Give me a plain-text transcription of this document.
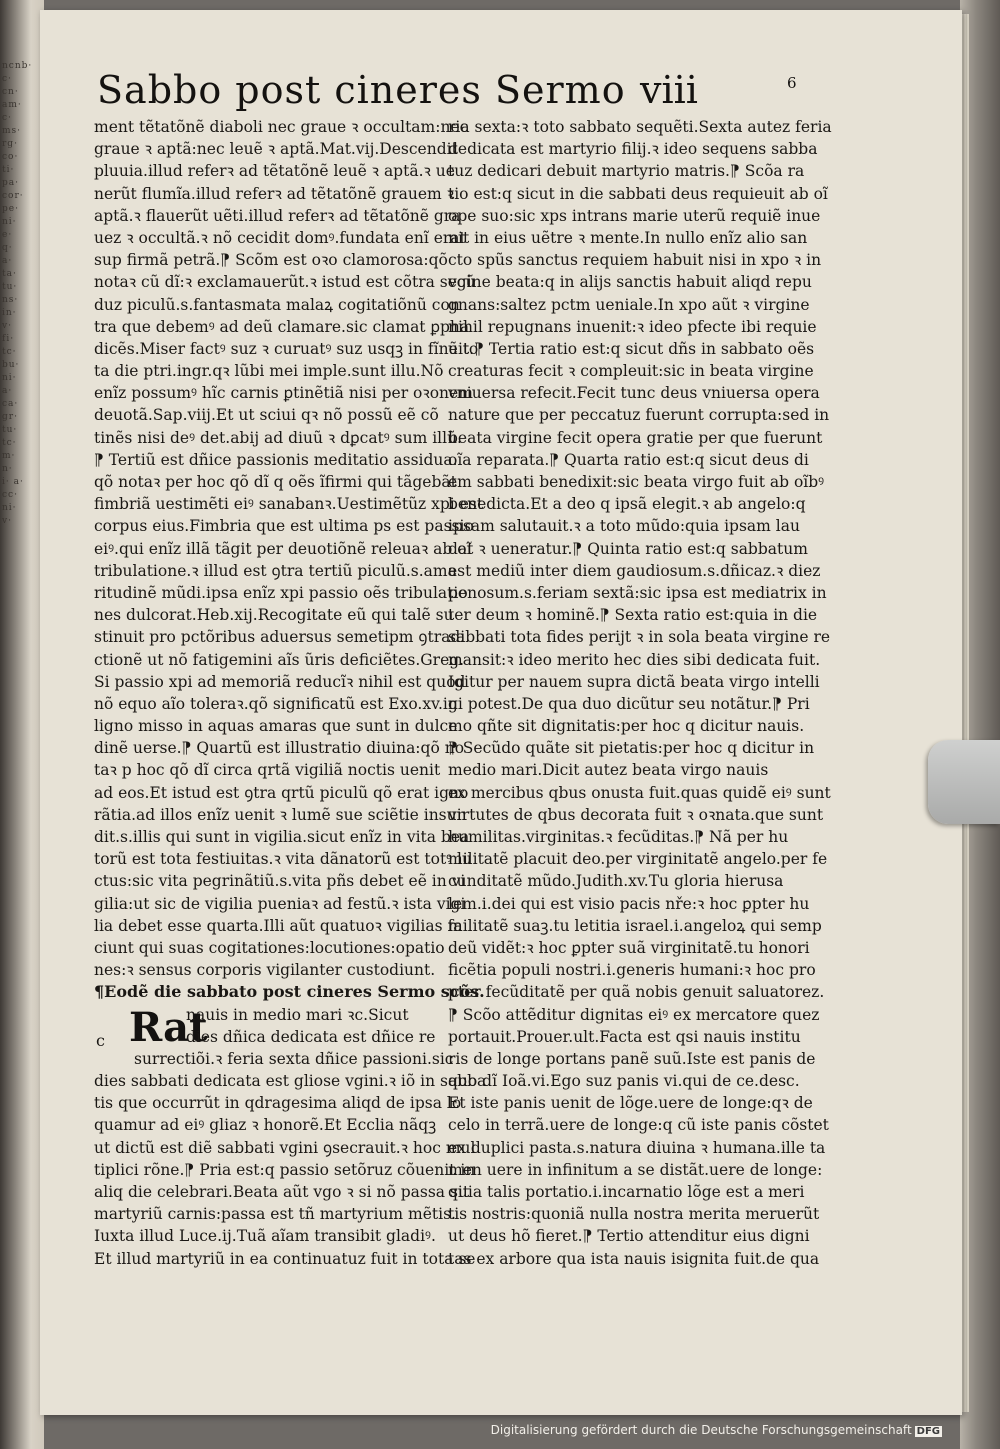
ncnb· c· cn· am· c· ms· rg· co· ti· pa· cor· pe· ni· e· q· a· ta· tu· ns· in· v· fi· tc· bu· ni· a· ca· gr· tu· tc· m· n· i· a· cc· ni· v·
Sabbo post cineres Sermo viii	6
ment tẽtatõnẽ diaboli nec graue ꝛ occultam:nec
graue ꝛ aptã:nec leuẽ ꝛ aptã.Mat.vij.Descendit
pluuia.illud referꝛ ad tẽtatõnẽ leuẽ ꝛ aptã.ꝛ ue
nerũt flumĩa.illud referꝛ ad tẽtatõnẽ grauem ꝛ
aptã.ꝛ flauerũt uẽti.illud referꝛ ad tẽtatõnẽ gra
uez ꝛ occultã.ꝛ nõ cecidit domꝰ.fundata enĩ erat
sup firmã petrã.⁋ Scõm est oꝛo clamorosa:qõ
notaꝛ cũ dĩ:ꝛ exclamauerũt.ꝛ istud est cõtra secũ
duz piculũ.s.fantasmata malaꝝ cogitatiõnũ con
tra que debemꝰ ad deũ clamare.sic clamat ꝑpha
dicẽs.Miser factꝰ suz ꝛ curuatꝰ suz usqꝫ in fĩnẽ to
ta die ptri.ingr.qꝛ lũbi mei imple.sunt illu.Nõ
enĩz possumꝰ hĩc carnis ꝑtinẽtiã nisi per oꝛonem
deuotã.Sap.viij.Et ut sciui qꝛ nõ possũ eẽ cõ
tinẽs nisi deꝰ det.abij ad diuũ ꝛ dꝑcatꝰ sum illũ.
⁋ Tertiũ est dñice passionis meditatio assidua.
qõ notaꝛ per hoc qõ dĩ q oẽs ĩfirmi qui tãgebãt
fimbriã uestimẽti eiꝰ sanabanꝛ.Uestimẽtũz xpi est
corpus eius.Fimbria que est ultima ps est passio
eiꝰ.qui enĩz illã tãgit per deuotiõnẽ releuaꝛ ab oĩ
tribulatione.ꝛ illud est ꝯtra tertiũ piculũ.s.ama
ritudinẽ mũdi.ipsa enĩz xpi passio oẽs tribulatio
nes dulcorat.Heb.xij.Recogitate eũ qui talẽ su
stinuit pro pctõribus aduersus semetipm ꝯtradi
ctionẽ ut nõ fatigemini aĩs ũris deficiẽtes.Greg.
Si passio xpi ad memoriã reducĩꝛ nihil est quod
nõ equo aĩo toleraꝛ.qõ significatũ est Exo.xv.in
ligno misso in aquas amaras que sunt in dulce
dinẽ uerse.⁋ Quartũ est illustratio diuina:qõ no
taꝛ p hoc qõ dĩ circa qrtã vigiliã noctis uenit
ad eos.Et istud est ꝯtra qrtũ piculũ qõ erat igno
rãtia.ad illos enĩz uenit ꝛ lumẽ sue sciẽtie insun
dit.s.illis qui sunt in vigilia.sicut enĩz in vita bea
torũ est tota festiuitas.ꝛ vita dãnatorũ est totꝰ lu
ctus:sic vita pegrinãtiũ.s.vita pñs debet eẽ in vi
gilia:ut sic de vigilia pueniaꝛ ad festũ.ꝛ ista vigi
lia debet esse quarta.Illi aũt quatuoꝛ vigilias fa
ciunt qui suas cogitationes:locutiones:opatio
nes:ꝛ sensus corporis vigilanter custodiunt.
¶Eodẽ die sabbato post cineres Sermo scõs.
c Rat
nauis in medio mari ꝛc.Sicut
dies dñica dedicata est dñice re
surrectiõi.ꝛ feria sexta dñice passioni.sic
dies sabbati dedicata est gliose vgini.ꝛ iõ in sabba
tis que occurrũt in qdragesima aliqd de ipsa lo
quamur ad eiꝰ gliaz ꝛ honorẽ.Et Ecclia nãqꝫ
ut dictũ est diẽ sabbati vgini ꝯsecrauit.ꝛ hoc mul
tiplici rõne.⁋ Pria est:q passio setõruz cõuenit in
aliq die celebrari.Beata aũt vgo ꝛ si nõ passa sit
martyriũ carnis:passa est tñ martyrium mẽtis.
Iuxta illud Luce.ij.Tuã aĩam transibit gladiꝰ.
Et illud martyriũ in ea continuatuz fuit in tota se
ria sexta:ꝛ toto sabbato sequẽti.Sexta autez feria
dedicata est martyrio filij.ꝛ ideo sequens sabba
tuz dedicari debuit martyrio matris.⁋ Scõa ra
tio est:q sicut in die sabbati deus requieuit ab oĩ
ope suo:sic xps intrans marie uterũ requiẽ inue
nit in eius uẽtre ꝛ mente.In nullo enĩz alio san
cto spũs sanctus requiem habuit nisi in xpo ꝛ in
vgine beata:q in alijs sanctis habuit aliqd repu
gnans:saltez pctm ueniale.In xpo aũt ꝛ virgine
nihil repugnans inuenit:ꝛ ideo pfecte ibi requie
uit.⁋ Tertia ratio est:q sicut dñs in sabbato oẽs
creaturas fecit ꝛ compleuit:sic in beata virgine
vniuersa refecit.Fecit tunc deus vniuersa opera
nature que per peccatuz fuerunt corrupta:sed in
beata virgine fecit opera gratie per que fuerunt
oĩa reparata.⁋ Quarta ratio est:q sicut deus di
em sabbati benedixit:sic beata virgo fuit ab oĩbꝰ
benedicta.Et a deo q ipsã elegit.ꝛ ab angelo:q
ipsam salutauit.ꝛ a toto mũdo:quia ipsam lau
dat ꝛ ueneratur.⁋ Quinta ratio est:q sabbatum
est mediũ inter diem gaudiosum.s.dñicaz.ꝛ diez
penosum.s.feriam sextã:sic ipsa est mediatrix in
ter deum ꝛ hominẽ.⁋ Sexta ratio est:quia in die
sabbati tota fides perijt ꝛ in sola beata virgine re
mansit:ꝛ ideo merito hec dies sibi dedicata fuit.
Igitur per nauem supra dictã beata virgo intelli
gi potest.De qua duo dicũtur seu notãtur.⁋ Pri
mo qñte sit dignitatis:per hoc q dicitur nauis.
⁋ Secũdo quãte sit pietatis:per hoc q dicitur in
medio mari.Dicit autez beata virgo nauis
ex mercibus qbus onusta fuit.quas quidẽ eiꝰ sunt
virtutes de qbus decorata fuit ꝛ oꝛnata.que sunt
humilitas.virginitas.ꝛ fecũditas.⁋ Nã per hu
militatẽ placuit deo.per virginitatẽ angelo.per fe
cunditatẽ mũdo.Judith.xv.Tu gloria hierusa
lem.i.dei qui est visio pacis nře:ꝛ hoc ꝑpter hu
militatẽ suaꝫ.tu letitia israel.i.angeloꝝ qui semp
deũ vidẽt:ꝛ hoc ꝑpter suã virginitatẽ.tu honori
ficẽtia populi nostri.i.generis humani:ꝛ hoc pro
pter fecũditatẽ per quã nobis genuit saluatorez.
⁋ Scõo attẽditur dignitas eiꝰ ex mercatore quez
portauit.Prouer.ult.Facta est qsi nauis institu
ris de longe portans panẽ suũ.Iste est panis de
quo dĩ Ioã.vi.Ego suz panis vi.qui de ce.desc.
Et iste panis uenit de lõge.uere de longe:qꝛ de
celo in terrã.uere de longe:q cũ iste panis cõstet
ex duplici pasta.s.natura diuina ꝛ humana.ille ta
men uere in infinitum a se distãt.uere de longe:
quia talis portatio.i.incarnatio lõge est a meri
tis nostris:quoniã nulla nostra merita meruerũt
ut deus hõ fieret.⁋ Tertio attenditur eius digni
tas ex arbore qua ista nauis isignita fuit.de qua
Digitalisierung gefördert durch die Deutsche Forschungsgemeinschaft DFG
